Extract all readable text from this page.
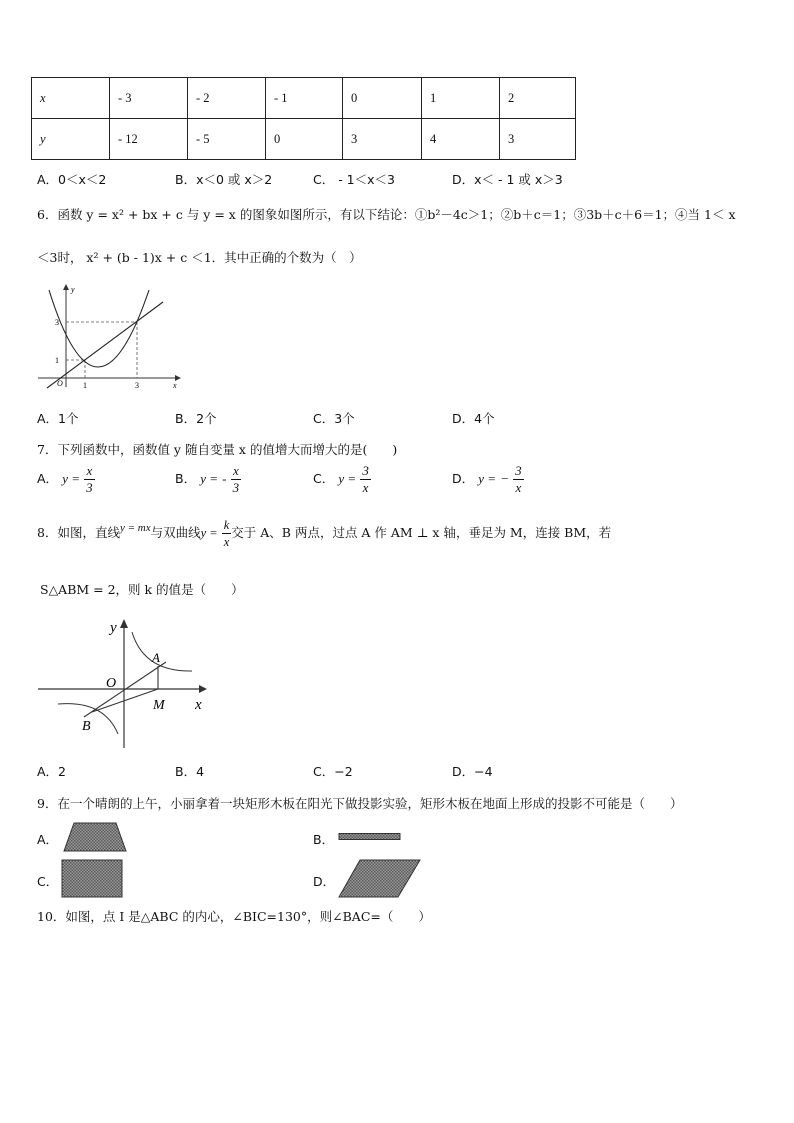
x	- 3	- 2	- 1	0	1	2
y	- 12	- 5	0	3	4	3
A．0＜x＜2	B．x＜0 或 x＞2	C． - 1＜x＜3	D．x＜ - 1 或 x＞3
6．函数 y = x² + bx + c 与 y = x 的图象如图所示，有以下结论：①b²－4c＞1；②b＋c＝1；③3b＋c＋6＝1；④当 1＜ x
＜3时， x² + (b - 1)x + c ＜1．其中正确的个数为（　）
y
3
1
O	1	3	x
A．1个	B．2个	C．3个	D．4个
7．下列函数中，函数值 y 随自变量 x 的值增大而增大的是(　　)
A． $y = \frac{x}{3}$	B． y = - $\frac{x}{3}$	C． $y = \frac{3}{x}$	D． y = − $\frac{3}{x}$
8．如图，直线y = mx与双曲线$y = \frac{k}{x}$ 交于 A、B 两点，过点 A 作 AM ⊥ x 轴，垂足为 M，连接 BM，若
S△ABM = 2，则 k 的值是（　　）
y
A
O
M x
B
A．2	B．4	C．−2	D．−4
9．在一个晴朗的上午，小丽拿着一块矩形木板在阳光下做投影实验，矩形木板在地面上形成的投影不可能是（　　）
A．	B．
C．	D．
10．如图，点 I 是△ABC 的内心，∠BIC=130°，则∠BAC=（　　）
